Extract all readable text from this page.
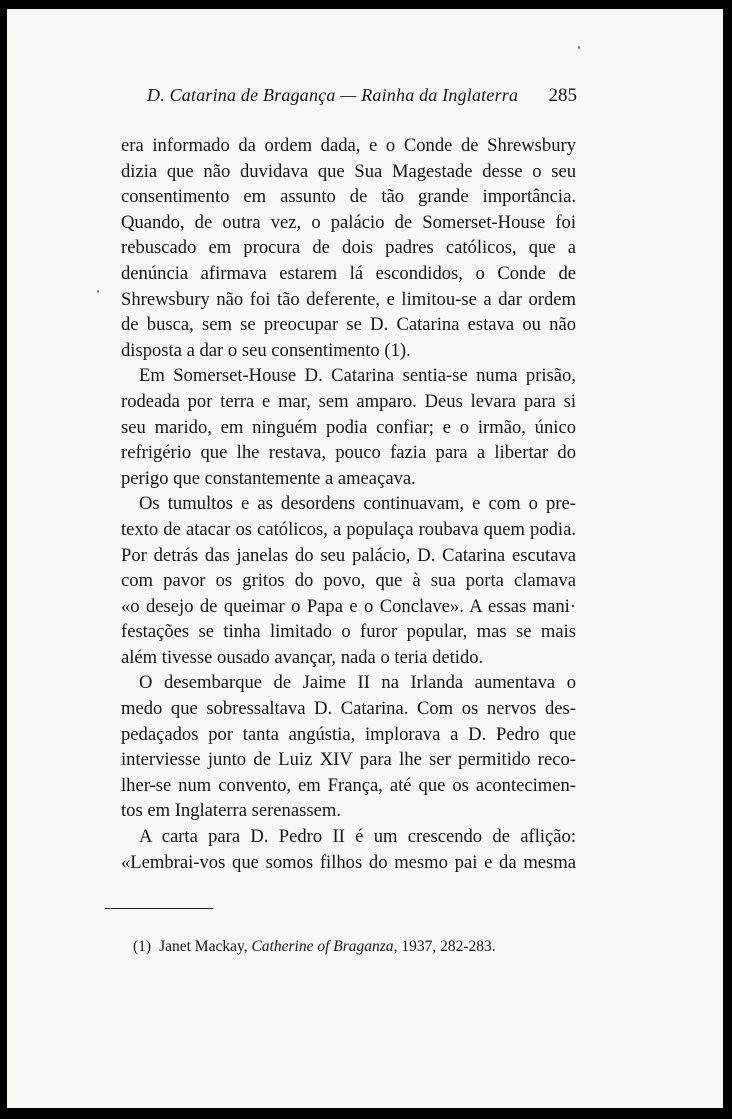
D. Catarina de Bragança — Rainha da Inglaterra 285
era informado da ordem dada, e o Conde de Shrewsbury
dizia que não duvidava que Sua Magestade desse o seu
consentimento em assunto de tão grande importância.
Quando, de outra vez, o palácio de Somerset-House foi
rebuscado em procura de dois padres católicos, que a
denúncia afirmava estarem lá escondidos, o Conde de
Shrewsbury não foi tão deferente, e limitou-se a dar ordem
de busca, sem se preocupar se D. Catarina estava ou não
disposta a dar o seu consentimento (1).
Em Somerset-House D. Catarina sentia-se numa prisão,
rodeada por terra e mar, sem amparo. Deus levara para si
seu marido, em ninguém podia confiar; e o irmão, único
refrigério que lhe restava, pouco fazia para a libertar do
perigo que constantemente a ameaçava.
Os tumultos e as desordens continuavam, e com o pre-
texto de atacar os católicos, a populaça roubava quem podia.
Por detrás das janelas do seu palácio, D. Catarina escutava
com pavor os gritos do povo, que à sua porta clamava
«o desejo de queimar o Papa e o Conclave». A essas mani·
festações se tinha limitado o furor popular, mas se mais
além tivesse ousado avançar, nada o teria detido.
O desembarque de Jaime II na Irlanda aumentava o
medo que sobressaltava D. Catarina. Com os nervos des-
pedaçados por tanta angústia, implorava a D. Pedro que
interviesse junto de Luiz XIV para lhe ser permitido reco-
lher-se num convento, em França, até que os acontecimen-
tos em Inglaterra serenassem.
A carta para D. Pedro II é um crescendo de aflição:
«Lembrai-vos que somos filhos do mesmo pai e da mesma
(1) Janet Mackay, Catherine of Braganza, 1937, 282-283.
